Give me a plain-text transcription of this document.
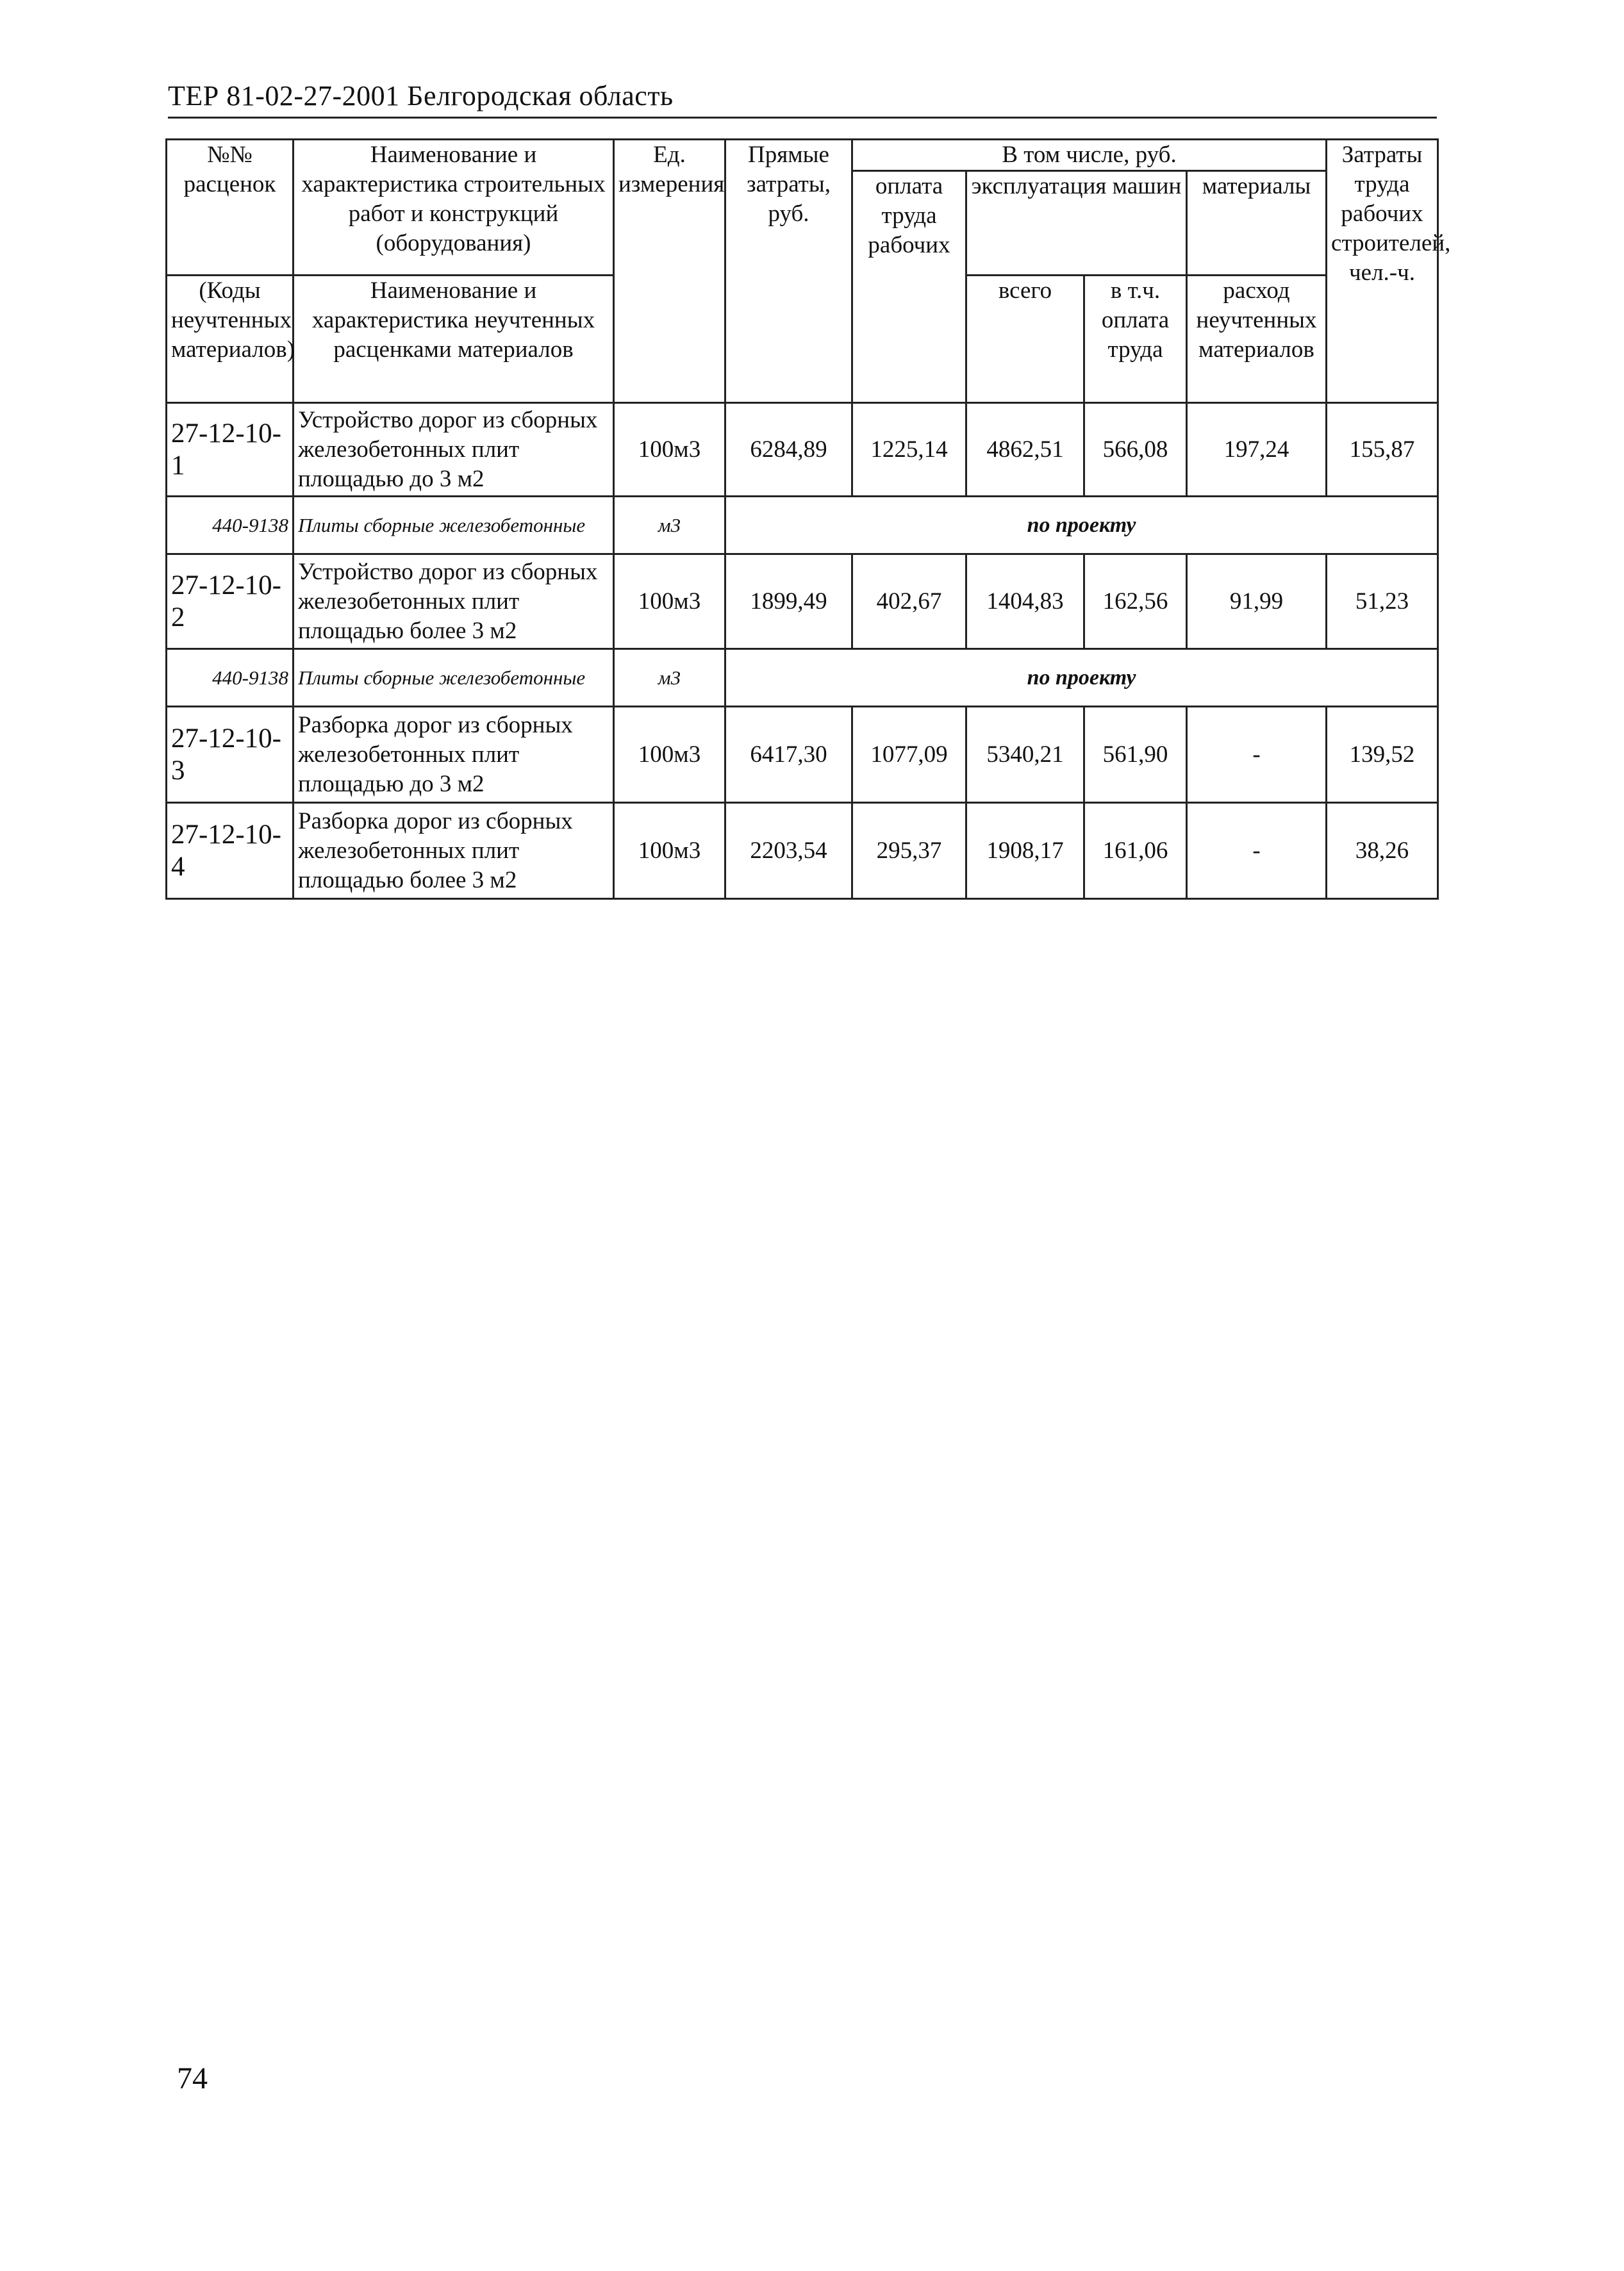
ТЕР 81-02-27-2001 Белгородская область
№№ расценок	Наименование и характеристика строительных работ и конструкций (оборудования)	Ед. измерения	Прямые затраты, руб.	В том числе, руб.				Затраты труда рабочих строителей, чел.-ч.
				оплата труда рабочих	эксплуатация машин		материалы	

(Коды неучтенных материалов)	Наименование и характеристика неучтенных расценками материалов				всего	в т.ч. оплата труда	расход неучтенных материалов	

27-12-10-
1	Устройство дорог из сборных железобетонных плит площадью до 3 м2	100м3	6284,89	1225,14	4862,51	566,08	197,24	155,87
440-9138	Плиты сборные железобетонные	м3	по проекту					
27-12-10-
2	Устройство дорог из сборных железобетонных плит площадью более 3 м2	100м3	1899,49	402,67	1404,83	162,56	91,99	51,23
440-9138	Плиты сборные железобетонные	м3	по проекту					
27-12-10-
3	Разборка дорог из сборных железобетонных плит площадью до 3 м2	100м3	6417,30	1077,09	5340,21	561,90	-	139,52
27-12-10-
4	Разборка дорог из сборных железобетонных плит площадью более 3 м2	100м3	2203,54	295,37	1908,17	161,06	-	38,26
74
